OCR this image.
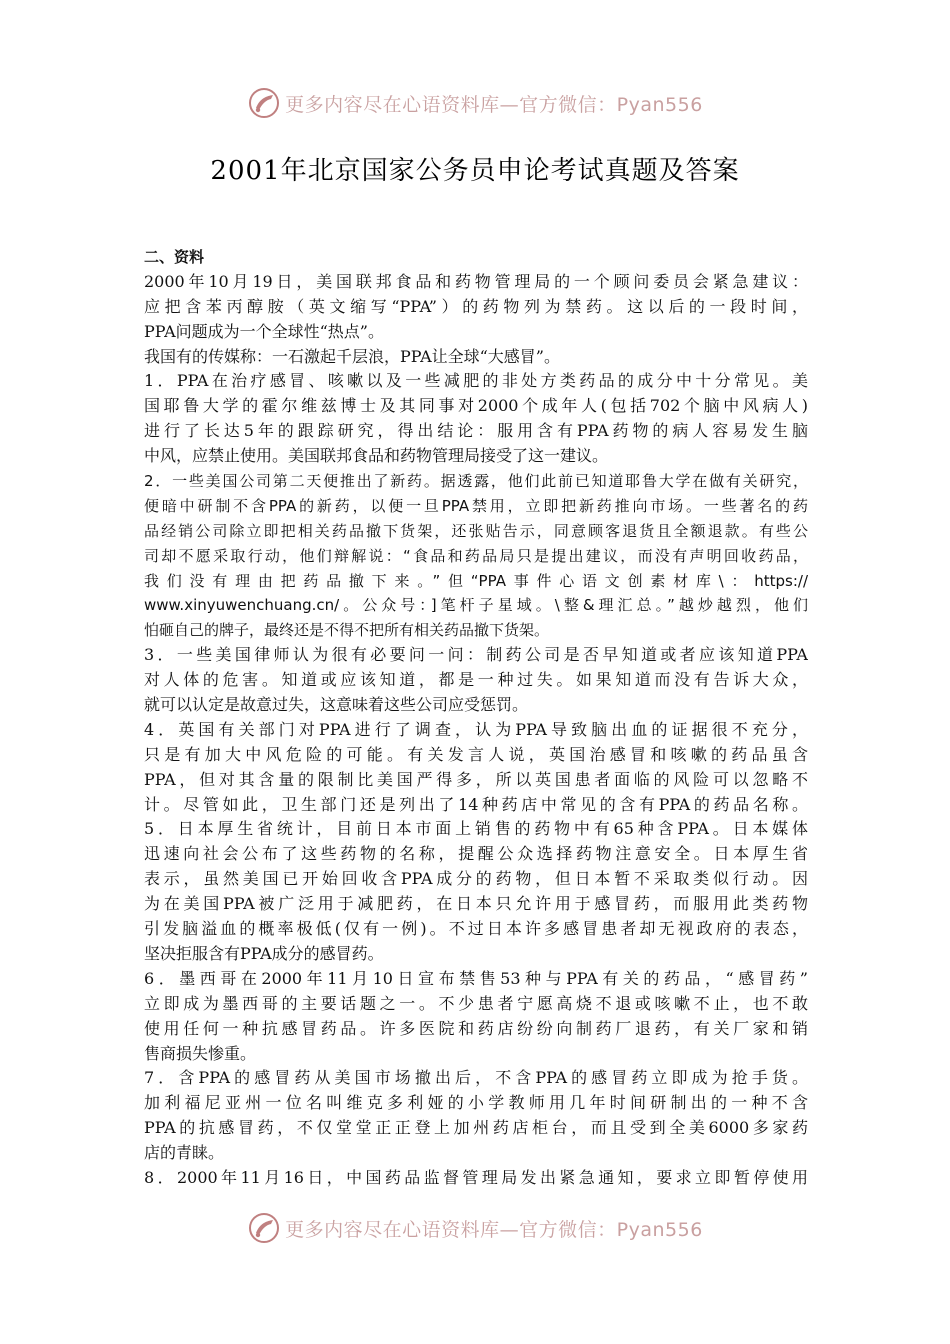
更多内容尽在心语资料库—官方微信：Pyan556
2001年北京国家公务员申论考试真题及答案
二、资料
2000年10月19日，美国联邦食品和药物管理局的一个顾问委员会紧急建议：
应把含苯丙醇胺（英文缩写“PPA”）的药物列为禁药。这以后的一段时间，
PPA问题成为一个全球性“热点”。
我国有的传媒称：一石激起千层浪，PPA让全球“大感冒”。
1．PPA在治疗感冒、咳嗽以及一些减肥的非处方类药品的成分中十分常见。美
国耶鲁大学的霍尔维兹博士及其同事对2000个成年人(包括702个脑中风病人)
进行了长达5年的跟踪研究，得出结论：服用含有PPA药物的病人容易发生脑
中风，应禁止使用。美国联邦食品和药物管理局接受了这一建议。
2．一些美国公司第二天便推出了新药。据透露，他们此前已知道耶鲁大学在做有关研究，
便暗中研制不含PPA的新药，以便一旦PPA禁用，立即把新药推向市场。一些著名的药
品经销公司除立即把相关药品撤下货架，还张贴告示，同意顾客退货且全额退款。有些公
司却不愿采取行动，他们辩解说：“食品和药品局只是提出建议，而没有声明回收药品，
我们没有理由把药品撤下来。”但“PPA事件心语文创素材库\：https://
www.xinyuwenchuang.cn/。公众号：]笔杆子星域。\整&理汇总。”越炒越烈，他们
怕砸自己的牌子，最终还是不得不把所有相关药品撤下货架。
3．一些美国律师认为很有必要问一问：制药公司是否早知道或者应该知道PPA
对人体的危害。知道或应该知道，都是一种过失。如果知道而没有告诉大众，
就可以认定是故意过失，这意味着这些公司应受惩罚。
4．英国有关部门对PPA进行了调查，认为PPA导致脑出血的证据很不充分，
只是有加大中风危险的可能。有关发言人说，英国治感冒和咳嗽的药品虽含
PPA，但对其含量的限制比美国严得多，所以英国患者面临的风险可以忽略不
计。尽管如此，卫生部门还是列出了14种药店中常见的含有PPA的药品名称。
5．日本厚生省统计，目前日本市面上销售的药物中有65种含PPA。日本媒体
迅速向社会公布了这些药物的名称，提醒公众选择药物注意安全。日本厚生省
表示，虽然美国已开始回收含PPA成分的药物，但日本暂不采取类似行动。因
为在美国PPA被广泛用于减肥药，在日本只允许用于感冒药，而服用此类药物
引发脑溢血的概率极低(仅有一例)。不过日本许多感冒患者却无视政府的表态，
坚决拒服含有PPA成分的感冒药。
6．墨西哥在2000年11月10日宣布禁售53种与PPA有关的药品，“感冒药”
立即成为墨西哥的主要话题之一。不少患者宁愿高烧不退或咳嗽不止，也不敢
使用任何一种抗感冒药品。许多医院和药店纷纷向制药厂退药，有关厂家和销
售商损失惨重。
7．含PPA的感冒药从美国市场撤出后，不含PPA的感冒药立即成为抢手货。
加利福尼亚州一位名叫维克多利娅的小学教师用几年时间研制出的一种不含
PPA的抗感冒药，不仅堂堂正正登上加州药店柜台，而且受到全美6000多家药
店的青睐。
8．2000年11月16日，中国药品监督管理局发出紧急通知，要求立即暂停使用
更多内容尽在心语资料库—官方微信：Pyan556
